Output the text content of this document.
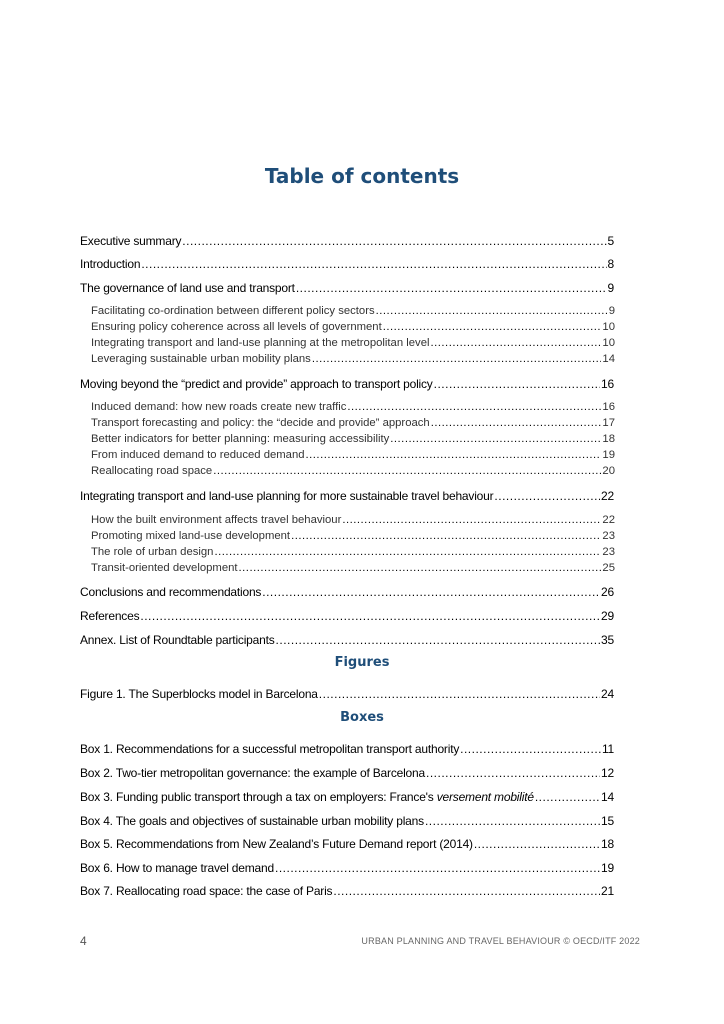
Table of contents
Executive summary .....	5
Introduction .....	8
The governance of land use and transport .....	9
Facilitating co-ordination between different policy sectors .....	9
Ensuring policy coherence across all levels of government .....	10
Integrating transport and land-use planning at the metropolitan level .....	10
Leveraging sustainable urban mobility plans .....	14
Moving beyond the “predict and provide” approach to transport policy .....	16
Induced demand: how new roads create new traffic .....	16
Transport forecasting and policy: the “decide and provide” approach .....	17
Better indicators for better planning: measuring accessibility .....	18
From induced demand to reduced demand .....	19
Reallocating road space .....	20
Integrating transport and land-use planning for more sustainable travel behaviour .....	22
How the built environment affects travel behaviour .....	22
Promoting mixed land-use development .....	23
The role of urban design .....	23
Transit-oriented development .....	25
Conclusions and recommendations .....	26
References .....	29
Annex. List of Roundtable participants .....	35
Figures
Figure 1. The Superblocks model in Barcelona .....	24
Boxes
Box 1. Recommendations for a successful metropolitan transport authority .....	11
Box 2. Two-tier metropolitan governance: the example of Barcelona .....	12
Box 3. Funding public transport through a tax on employers: France's versement mobilité .....	14
Box 4. The goals and objectives of sustainable urban mobility plans .....	15
Box 5. Recommendations from New Zealand’s Future Demand report (2014) .....	18
Box 6. How to manage travel demand .....	19
Box 7. Reallocating road space: the case of Paris .....	21
4	URBAN PLANNING AND TRAVEL BEHAVIOUR © OECD/ITF 2022
